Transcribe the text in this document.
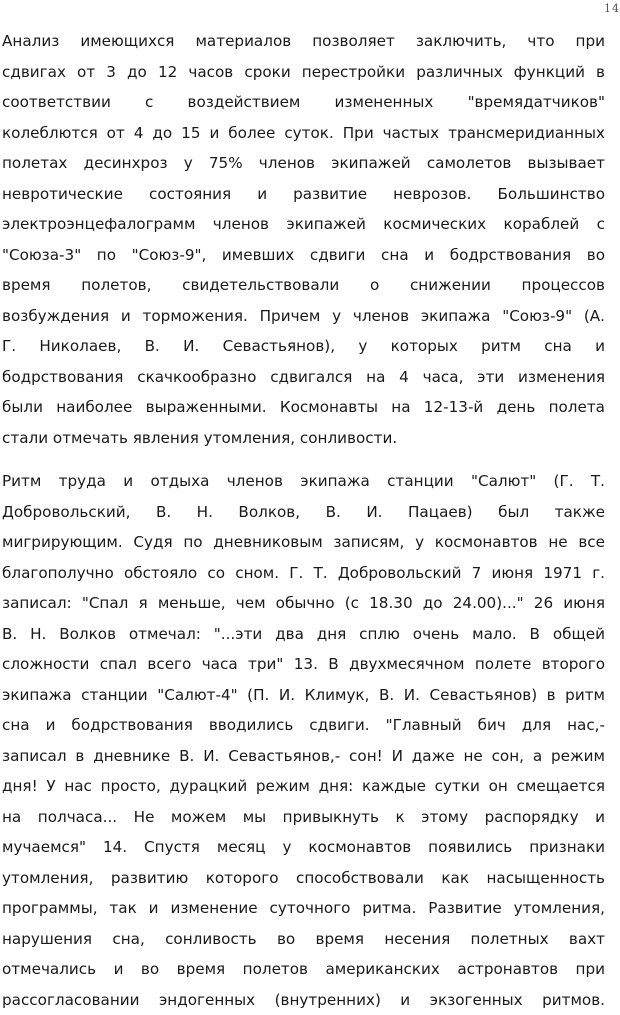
14
Анализ имеющихся материалов позволяет заключить, что при
сдвигах от 3 до 12 часов сроки перестройки различных функций в
соответствии с воздействием измененных "времядатчиков"
колеблются от 4 до 15 и более суток. При частых трансмеридианных
полетах десинхроз у 75% членов экипажей самолетов вызывает
невротические состояния и развитие неврозов. Большинство
электроэнцефалограмм членов экипажей космических кораблей с
"Союза-3" по "Союз-9", имевших сдвиги сна и бодрствования во
время полетов, свидетельствовали о снижении процессов
возбуждения и торможения. Причем у членов экипажа "Союз-9" (А.
Г. Николаев, В. И. Севастьянов), у которых ритм сна и
бодрствования скачкообразно сдвигался на 4 часа, эти изменения
были наиболее выраженными. Космонавты на 12-13-й день полета
стали отмечать явления утомления, сонливости.
Ритм труда и отдыха членов экипажа станции "Салют" (Г. Т.
Добровольский, В. Н. Волков, В. И. Пацаев) был также
мигрирующим. Судя по дневниковым записям, у космонавтов не все
благополучно обстояло со сном. Г. Т. Добровольский 7 июня 1971 г.
записал: "Спал я меньше, чем обычно (с 18.30 до 24.00)..." 26 июня
В. Н. Волков отмечал: "...эти два дня сплю очень мало. В общей
сложности спал всего часа три" 13. В двухмесячном полете второго
экипажа станции "Салют-4" (П. И. Климук, В. И. Севастьянов) в ритм
сна и бодрствования вводились сдвиги. "Главный бич для нас,-
записал в дневнике В. И. Севастьянов,- сон! И даже не сон, а режим
дня! У нас просто, дурацкий режим дня: каждые сутки он смещается
на полчаса... Не можем мы привыкнуть к этому распорядку и
мучаемся" 14. Спустя месяц у космонавтов появились признаки
утомления, развитию которого способствовали как насыщенность
программы, так и изменение суточного ритма. Развитие утомления,
нарушения сна, сонливость во время несения полетных вахт
отмечались и во время полетов американских астронавтов при
рассогласовании эндогенных (внутренних) и экзогенных ритмов.
